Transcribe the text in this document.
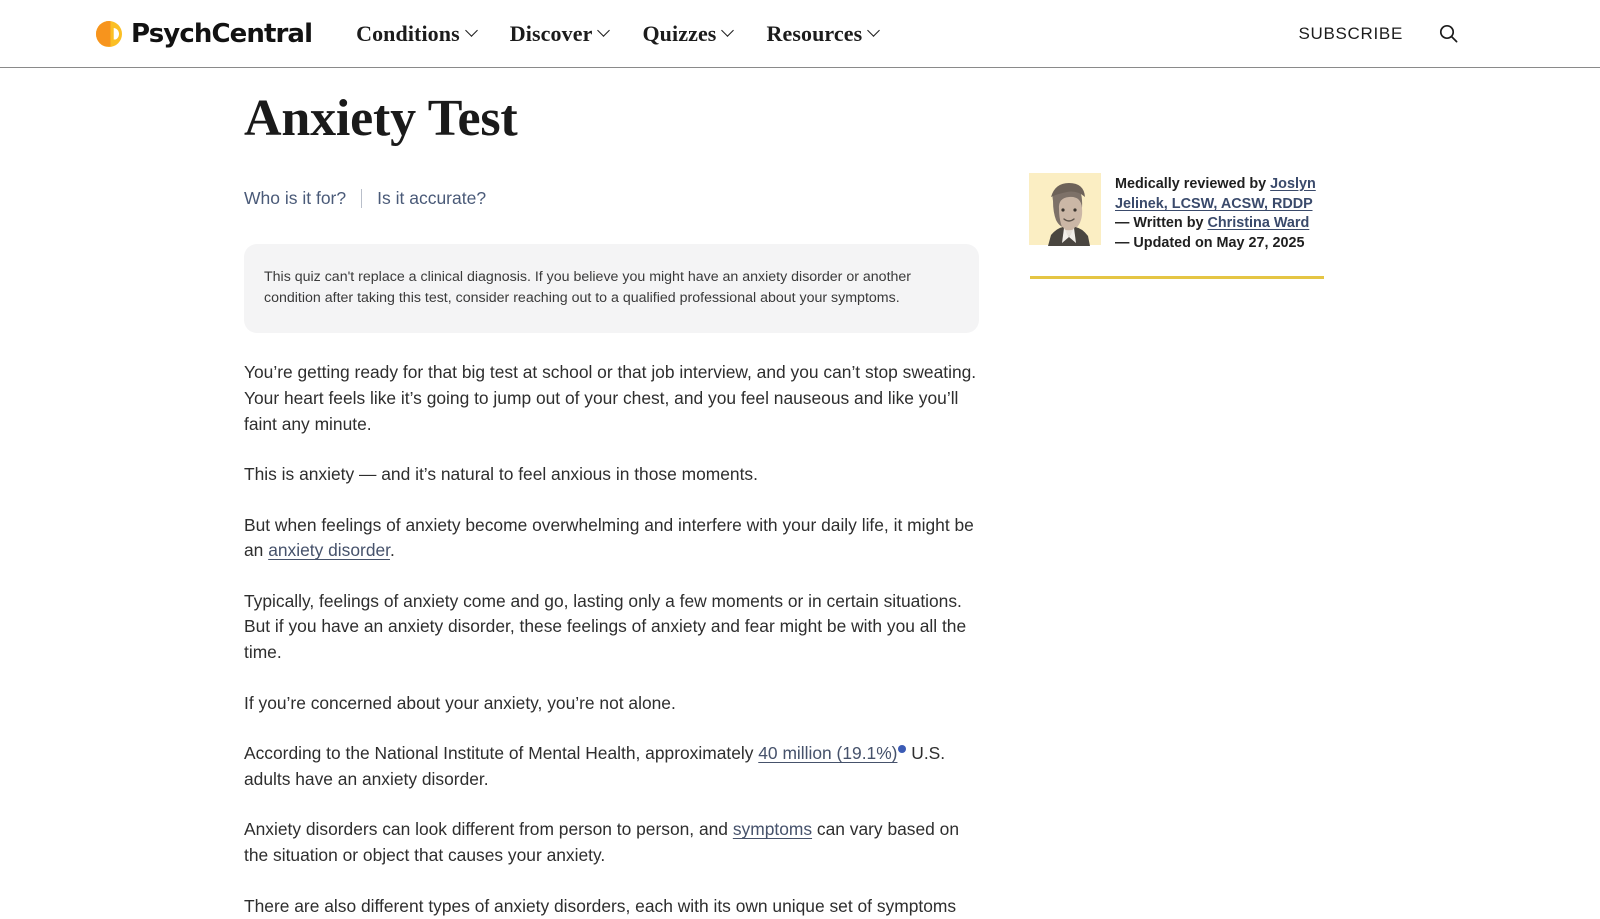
PsychCentral Conditions Discover Quizzes Resources	SUBSCRIBE
Anxiety Test
Who is it for? Is it accurate?

This quiz can't replace a clinical diagnosis. If you believe you might have an anxiety disorder or another condition after taking this test, consider reaching out to a qualified professional about your symptoms.

You’re getting ready for that big test at school or that job interview, and you can’t stop sweating. Your heart feels like it’s going to jump out of your chest, and you feel nauseous and like you’ll faint any minute.

This is anxiety — and it’s natural to feel anxious in those moments.

But when feelings of anxiety become overwhelming and interfere with your daily life, it might be an anxiety disorder.

Typically, feelings of anxiety come and go, lasting only a few moments or in certain situations. But if you have an anxiety disorder, these feelings of anxiety and fear might be with you all the time.

If you’re concerned about your anxiety, you’re not alone.

According to the National Institute of Mental Health, approximately 40 million (19.1%) U.S. adults have an anxiety disorder.

Anxiety disorders can look different from person to person, and symptoms can vary based on the situation or object that causes your anxiety.

There are also different types of anxiety disorders, each with its own unique set of symptoms

Medically reviewed by Joslyn Jelinek, LCSW, ACSW, RDDP — Written by Christina Ward — Updated on May 27, 2025
